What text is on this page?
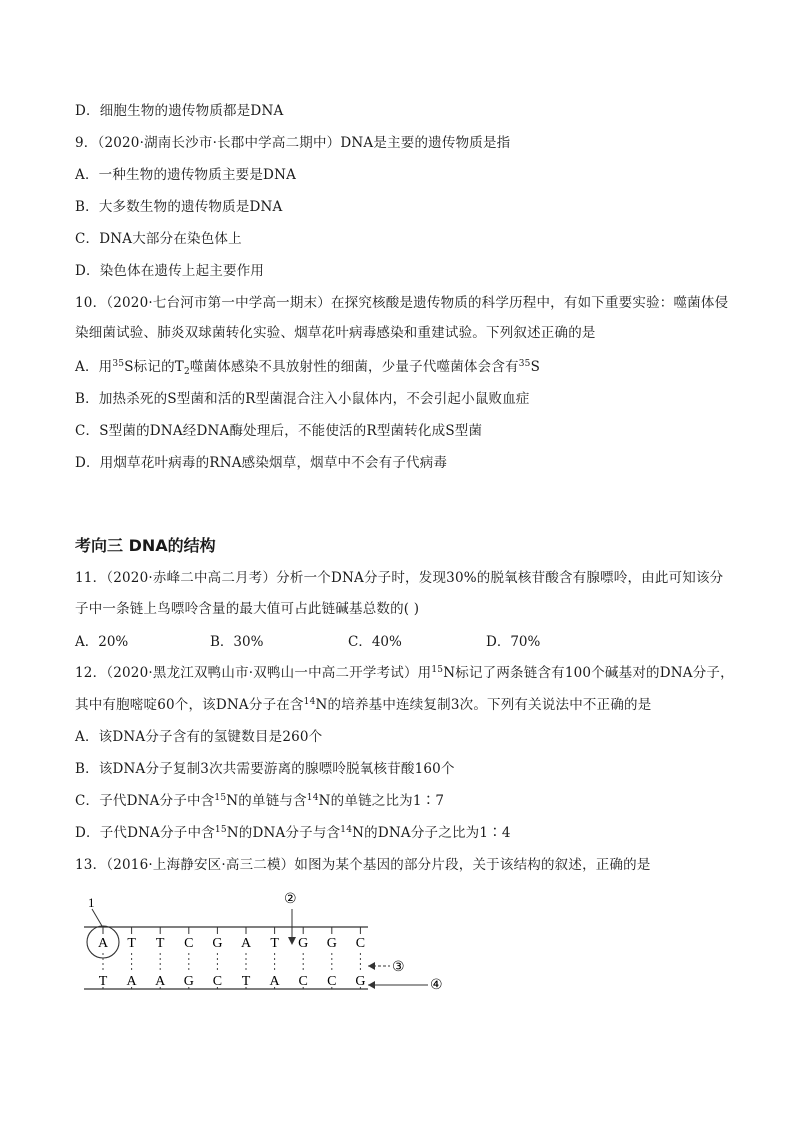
D．细胞生物的遗传物质都是DNA
9．（2020·湖南长沙市·长郡中学高二期中）DNA是主要的遗传物质是指
A．一种生物的遗传物质主要是DNA
B．大多数生物的遗传物质是DNA
C．DNA大部分在染色体上
D．染色体在遗传上起主要作用
10．（2020·七台河市第一中学高一期末）在探究核酸是遗传物质的科学历程中，有如下重要实验：噬菌体侵
染细菌试验、肺炎双球菌转化实验、烟草花叶病毒感染和重建试验。下列叙述正确的是
A．用$^{35}$S标记的$T_2$噬菌体感染不具放射性的细菌，少量子代噬菌体会含有$^{35}$S
B．加热杀死的S型菌和活的R型菌混合注入小鼠体内，不会引起小鼠败血症
C．S型菌的DNA经DNA酶处理后，不能使活的R型菌转化成S型菌
D．用烟草花叶病毒的RNA感染烟草，烟草中不会有子代病毒
考向三 DNA的结构
11．（2020·赤峰二中高二月考）分析一个DNA分子时，发现30%的脱氧核苷酸含有腺嘌呤，由此可知该分
子中一条链上鸟嘌呤含量的最大值可占此链碱基总数的( )
A．20%	B．30%	C．40%	D．70%
12．（2020·黑龙江双鸭山市·双鸭山一中高二开学考试）用$^{15}$N标记了两条链含有100个碱基对的DNA分子，
其中有胞嘧啶60个，该DNA分子在含$^{14}$N的培养基中连续复制3次。下列有关说法中不正确的是
A．该DNA分子含有的氢键数目是260个
B．该DNA分子复制3次共需要游离的腺嘌呤脱氧核苷酸160个
C．子代DNA分子中含$^{15}$N的单链与含$^{14}$N的单链之比为1∶7
D．子代DNA分子中含$^{15}$N的DNA分子与含$^{14}$N的DNA分子之比为1∶4
13．（2016·上海静安区·高三二模）如图为某个基因的部分片段，关于该结构的叙述，正确的是
1	②
③
④
A
T
T
A
T
A
C
G
G
C
A
T
T
A
G
C
G
C
C
G
